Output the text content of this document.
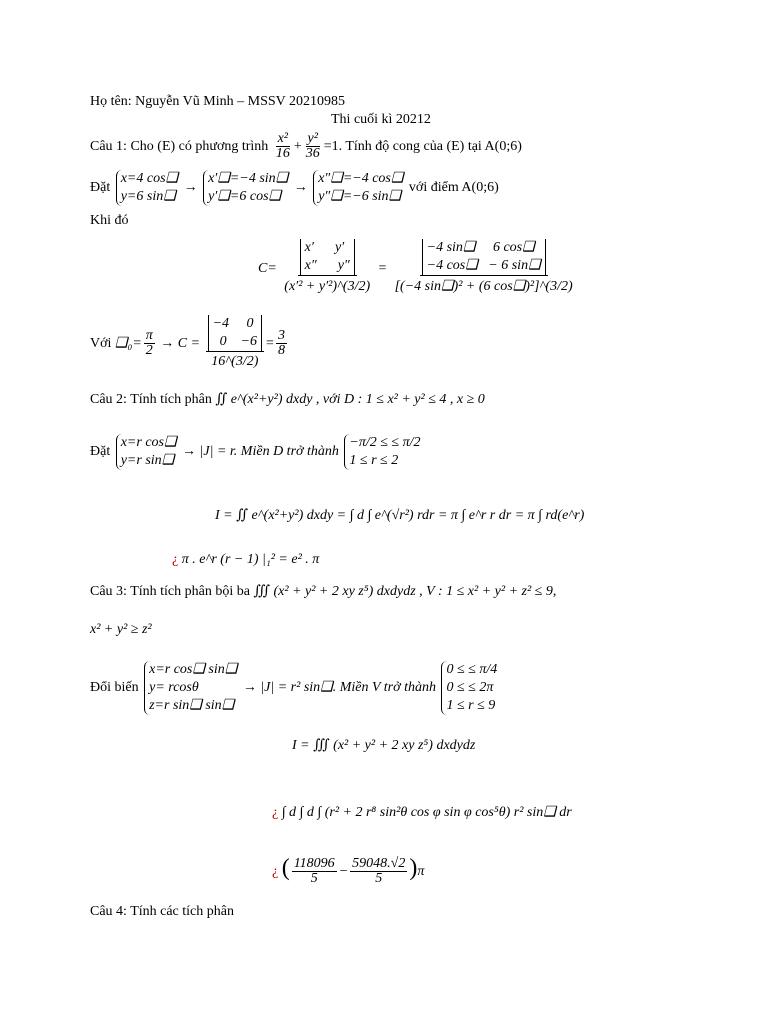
Họ tên: Nguyễn Vũ Minh – MSSV 20210985
Thi cuối kì 20212
Câu 1: Cho (E) có phương trình $\frac{\text{x²}}{16} + \frac{\text{y²}}{36} =1$. Tính độ cong của (E) tại A(0;6)
Đặt
x=4 cos❑
y=6 sin❑
→
x′❑=−4 sin❑
y′❑=6 cos❑
→
x″❑=−4 cos❑
y″❑=−6 sin❑
với điểm A(0;6)
Khi đó
C= x′      y′
x″      y″
(x′² + y′²)^(3/2) = −4 sin❑     6 cos❑
−4 cos❑   − 6 sin❑
[(−4 sin❑)² + (6 cos❑)²]^(3/2)
Với ❑₀= $\frac{\pi}{2} \to C = -4$     0
0    −6
16^(3/2) = $\frac{3}{8}$
Câu 2: Tính tích phân ∬ e^(x²+y²) dxdy , với D : 1 ≤ x² + y² ≤ 4 , x ≥ 0
Đặt
x=r cos❑
y=r sin❑
→ |J| = r. Miền D trở thành
−π/2 ≤ ≤ π/2
1 ≤ r ≤ 2
I = ∬ e^(x²+y²) dxdy = ∫ d ∫ e^(√r²) rdr = π ∫ e^r r dr = π ∫ rd(e^r)
¿ π . e^r (r − 1) |₁² = e² . π
Câu 3: Tính tích phân bội ba ∭ (x² + y² + 2 xy z⁵) dxdydz , V : 1 ≤ x² + y² + z² ≤ 9,
x² + y² ≥ z²
Đổi biến
x=r cos❑ sin❑
y= rcosθ
z=r sin❑ sin❑
→ |J| = r² sin❑. Miền V trở thành
0 ≤ ≤ π/4
0 ≤ ≤ 2π
1 ≤ r ≤ 9
I = ∭ (x² + y² + 2 xy z⁵) dxdydz
¿ ∫ d ∫ d ∫ (r² + 2 r⁸ sin²θ cos φ sin φ cos⁵θ) r² sin❑ dr
¿ ( $\frac{118096}{5} - \frac{59048.√2}{5} )\pi$
Câu 4: Tính các tích phân
